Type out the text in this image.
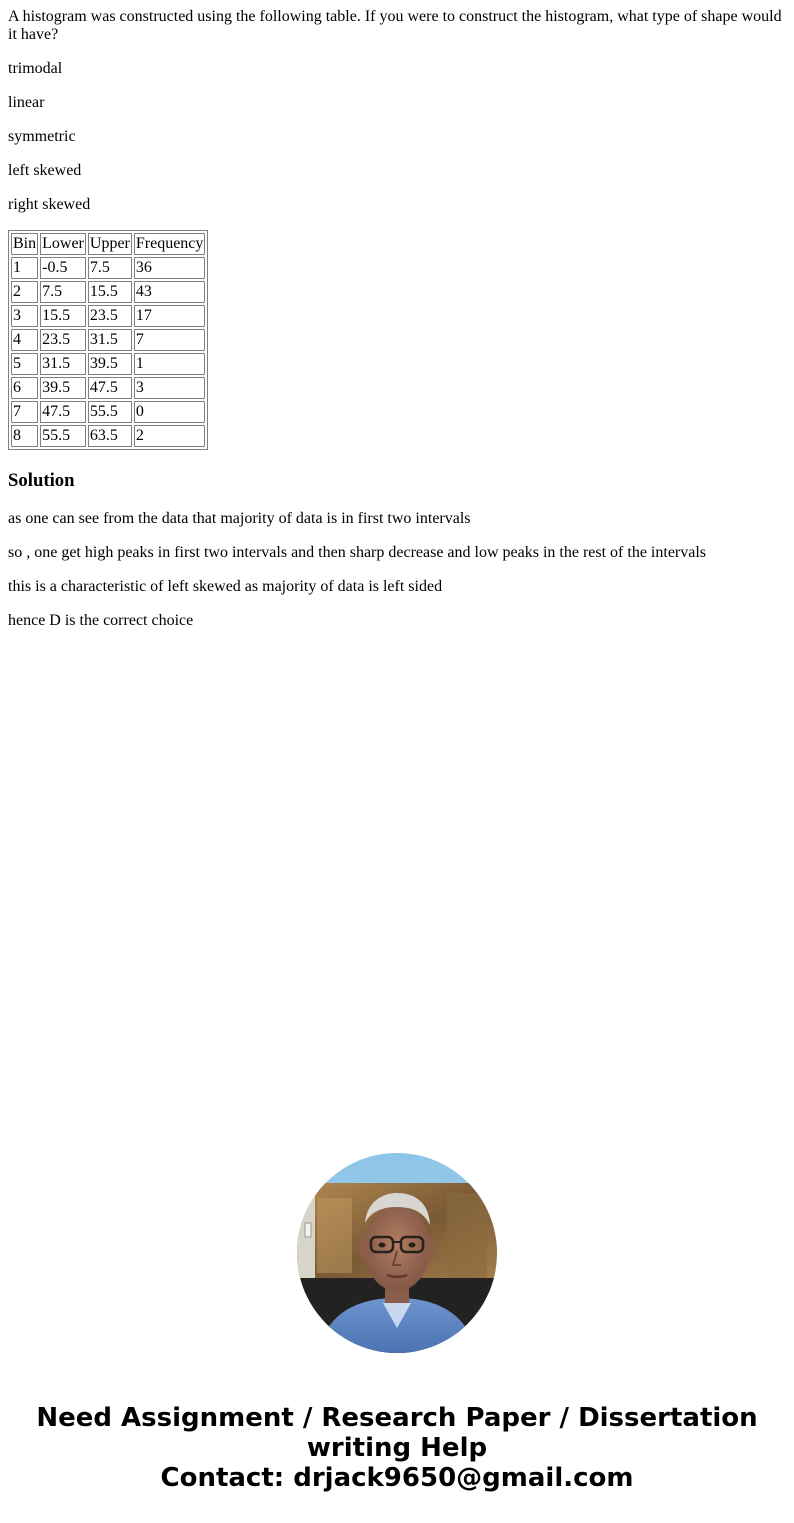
A histogram was constructed using the following table. If you were to construct the histogram, what type of shape would it have?

trimodal

linear

symmetric

left skewed

right skewed

Bin	Lower	Upper	Frequency
1	-0.5	7.5	36
2	7.5	15.5	43
3	15.5	23.5	17
4	23.5	31.5	7
5	31.5	39.5	1
6	39.5	47.5	3
7	47.5	55.5	0
8	55.5	63.5	2
Solution

as one can see from the data that majority of data is in first two intervals

so , one get high peaks in first two intervals and then sharp decrease and low peaks in the rest of the intervals

this is a characteristic of left skewed as majority of data is left sided

hence D is the correct choice

Need Assignment / Research Paper / Dissertation
writing Help
Contact: drjack9650@gmail.com
